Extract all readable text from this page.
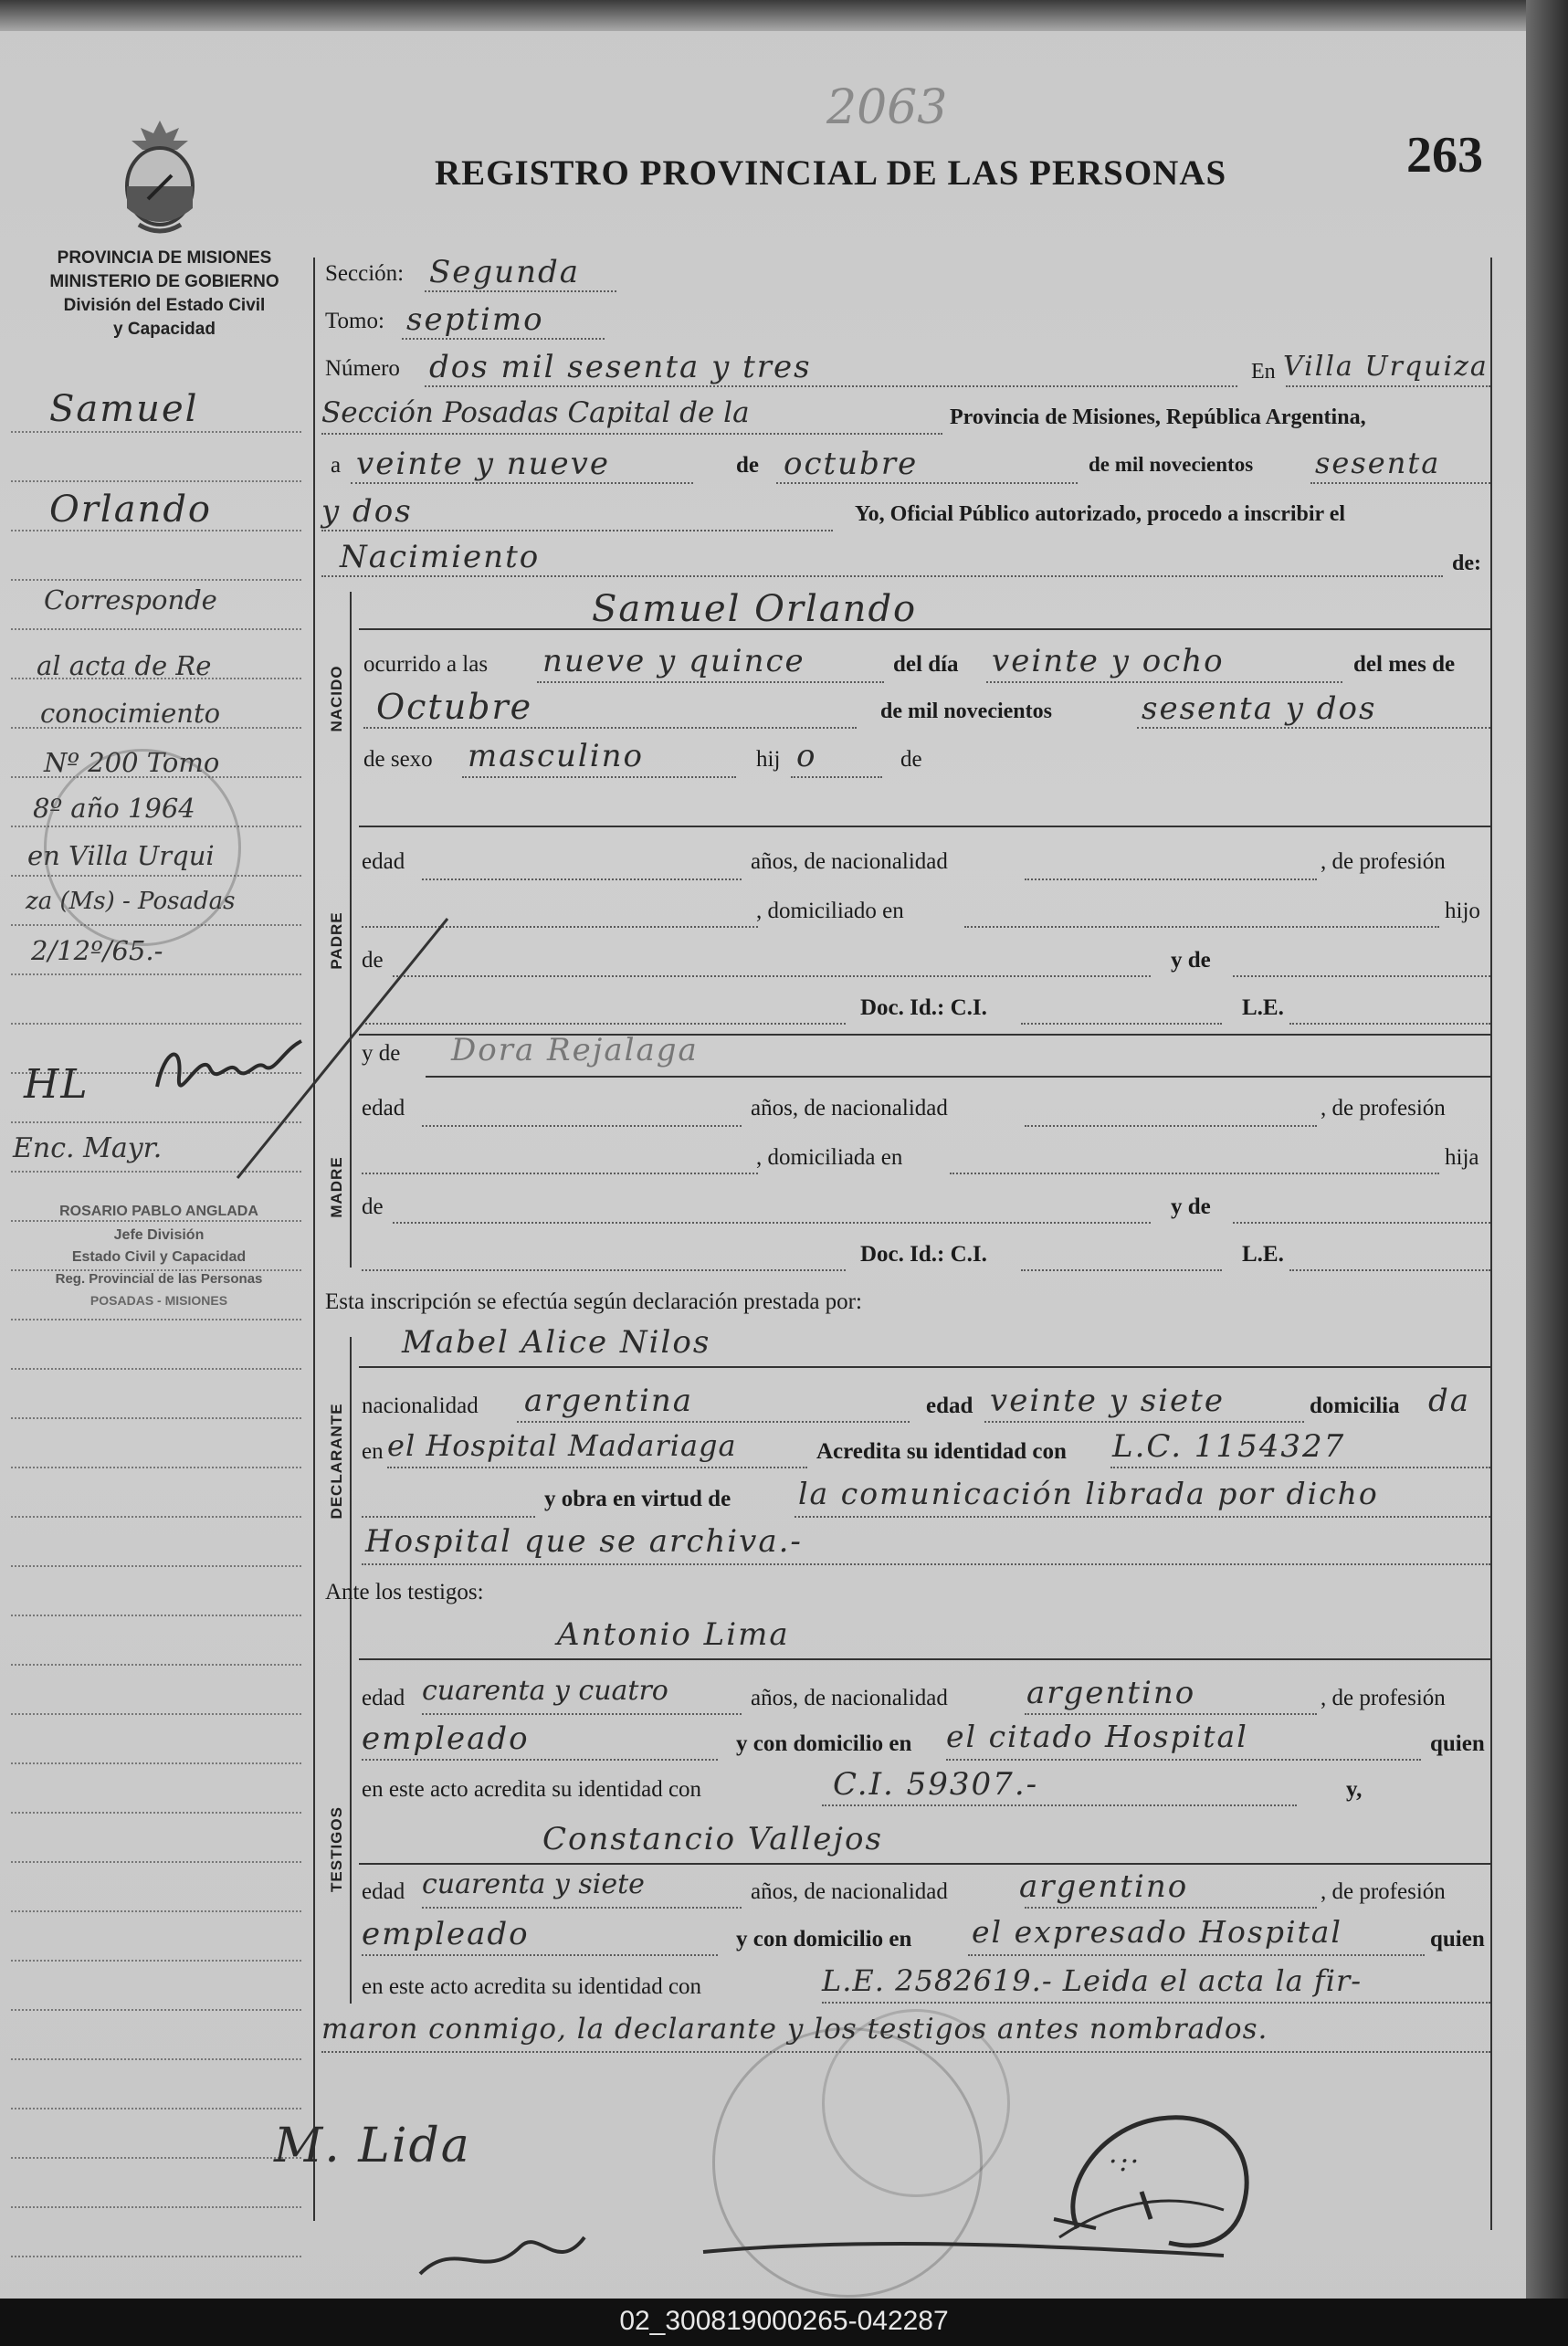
2063
REGISTRO PROVINCIAL DE LAS PERSONAS	263
PROVINCIA DE MISIONES
MINISTERIO DE GOBIERNO
División del Estado Civil
y Capacidad
Samuel
Orlando
Corresponde
al acta de Re
conocimiento
Nº 200 Tomo
8º año 1964
en Villa Urqui
za (Ms) - Posadas
2/12º/65.-
HL
Enc. Mayr.
ROSARIO PABLO ANGLADA
Jefe División
Estado Civil y Capacidad
Reg. Provincial de las Personas
POSADAS - MISIONES
Sección: Segunda
Tomo: septimo
Número dos mil sesenta y tres	En Villa Urquiza
Sección Posadas Capital de la	Provincia de Misiones, República Argentina,
a veinte y nueve	de octubre	de mil novecientos sesenta
y dos	Yo, Oficial Público autorizado, procedo a inscribir el
Nacimiento	de:
NACIDO
Samuel Orlando
ocurrido a las nueve y quince	del día veinte y ocho	del mes de
Octubre	de mil novecientos	sesenta y dos
de sexo masculino	hij o	de
PADRE
edad	años, de nacionalidad	, de profesión
, domiciliado en	hijo
de	y de
Doc. Id.: C.I.	L.E.
MADRE
y de Dora Rejalaga
edad	años, de nacionalidad	, de profesión
, domiciliada en	hija
de	y de
Doc. Id.: C.I.	L.E.
Esta inscripción se efectúa según declaración prestada por:
DECLARANTE
Mabel Alice Nilos
nacionalidad argentina	edad veinte y siete	domicilia da
en el Hospital Madariaga	Acredita su identidad con L.C. 1154327
y obra en virtud de la comunicación librada por dicho
Hospital que se archiva.-
Ante los testigos:
TESTIGOS
Antonio Lima
edad cuarenta y cuatro	años, de nacionalidad	argentino	, de profesión
empleado	y con domicilio en el citado Hospital	quien
en este acto acredita su identidad con	C.I. 59307.-	y,
Constancio Vallejos
edad cuarenta y siete	años, de nacionalidad argentino	, de profesión
empleado	y con domicilio en el expresado Hospital	quien
en este acto acredita su identidad con	L.E. 2582619.- Leida el acta la fir-
maron conmigo, la declarante y los testigos antes nombrados.
M. Lida	·:·
02_300819000265-042287
